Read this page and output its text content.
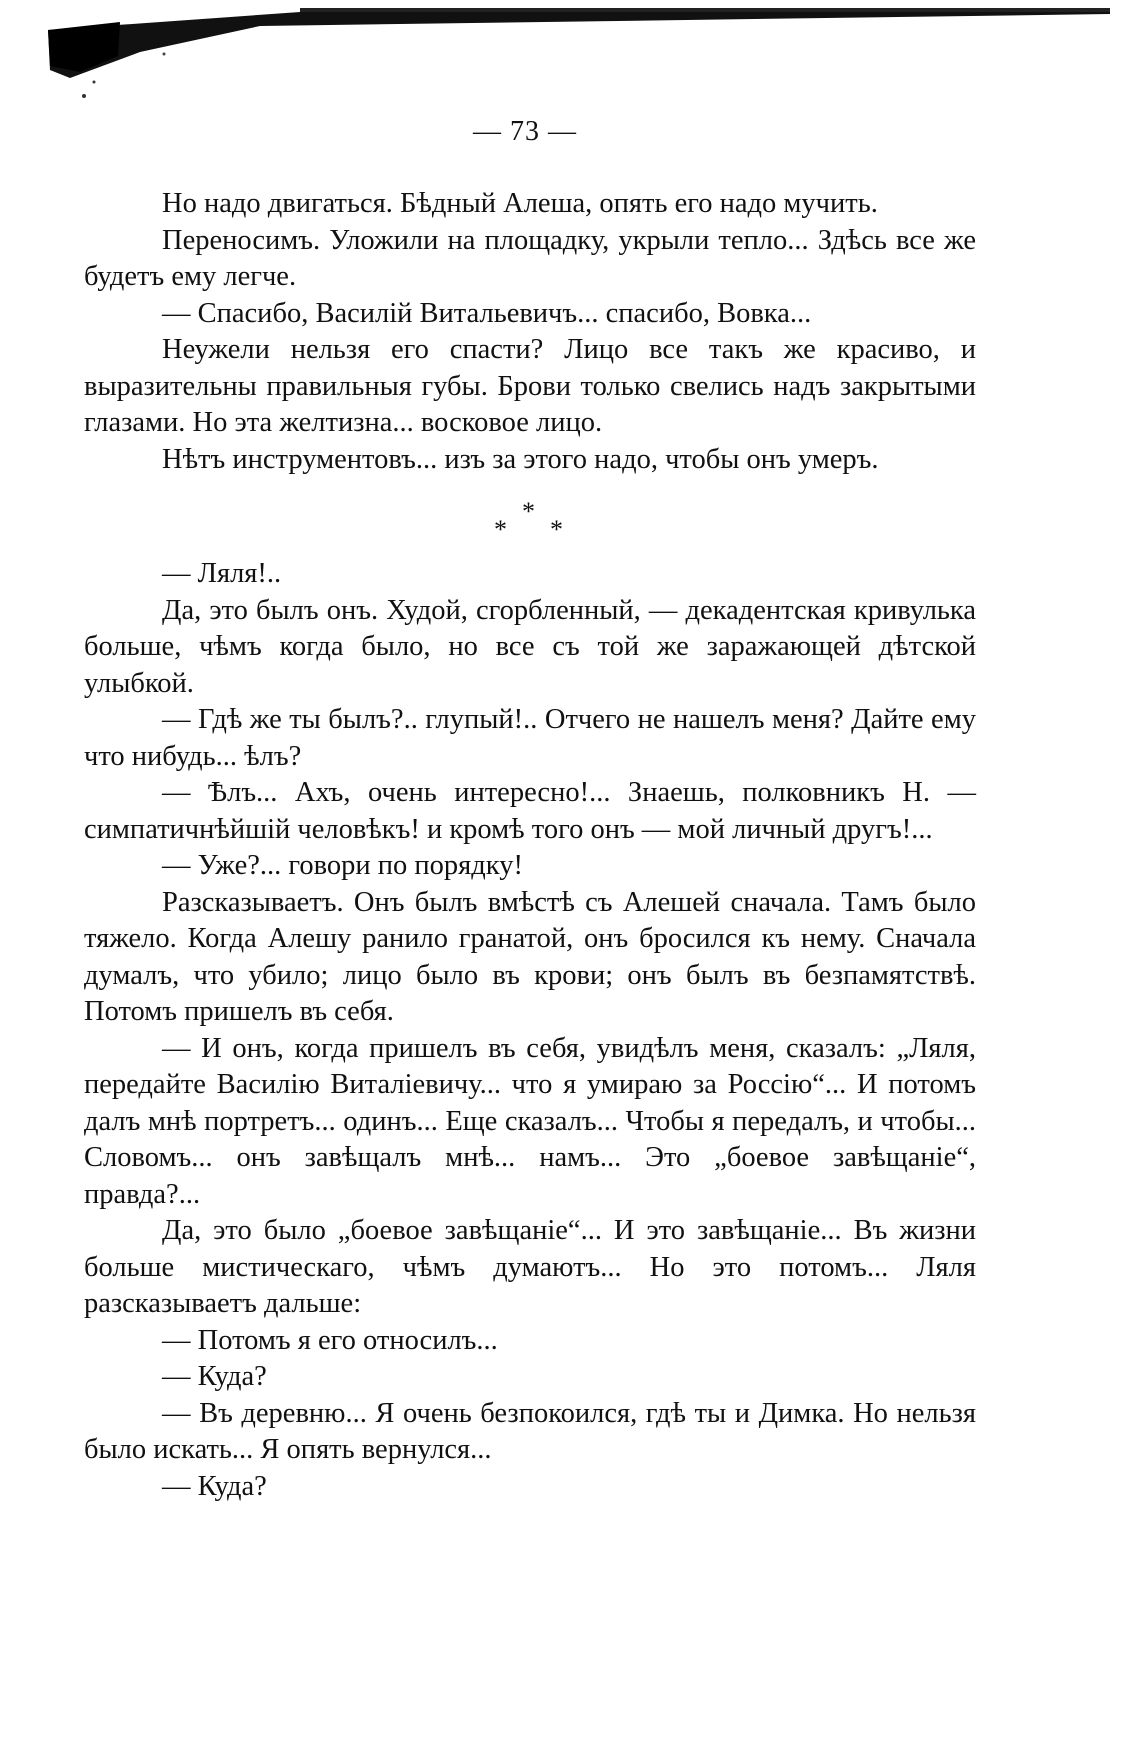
— 73 —

Но надо двигаться. Бѣдный Алеша, опять его надо мучить.

Переносимъ. Уложили на площадку, укрыли тепло... Здѣсь все же будетъ ему легче.

— Спасибо, Василій Витальевичъ... спасибо, Вовка...

Неужели нельзя его спасти? Лицо все такъ же красиво, и выразительны правильныя губы. Брови только свелись надъ закрытыми глазами. Но эта желтизна... восковое лицо.

Нѣтъ инструментовъ... изъ за этого надо, чтобы онъ умеръ.

*
*
*

— Ляля!..

Да, это былъ онъ. Худой, сгорбленный, — декадентская кривулька больше, чѣмъ когда было, но все съ той же заражающей дѣтской улыбкой.

— Гдѣ же ты былъ?.. глупый!.. Отчего не нашелъ меня? Дайте ему что нибудь... ѣлъ?

— Ѣлъ... Ахъ, очень интересно!... Знаешь, полковникъ Н. — симпатичнѣйшій человѣкъ! и кромѣ того онъ — мой личный другъ!...

— Уже?... говори по порядку!

Разсказываетъ. Онъ былъ вмѣстѣ съ Алешей сначала. Тамъ было тяжело. Когда Алешу ранило гранатой, онъ бросился къ нему. Сначала думалъ, что убило; лицо было въ крови; онъ былъ въ безпамятствѣ. Потомъ пришелъ въ себя.

— И онъ, когда пришелъ въ себя, увидѣлъ меня, сказалъ: „Ляля, передайте Василію Виталіевичу... что я умираю за Россію“... И потомъ далъ мнѣ портретъ... одинъ... Еще сказалъ... Чтобы я передалъ, и чтобы... Словомъ... онъ завѣщалъ мнѣ... намъ... Это „боевое завѣщаніе“, правда?...

Да, это было „боевое завѣщаніе“... И это завѣщаніе... Въ жизни больше мистическаго, чѣмъ думаютъ... Но это потомъ... Ляля разсказываетъ дальше:

— Потомъ я его относилъ...

— Куда?

— Въ деревню... Я очень безпокоился, гдѣ ты и Димка. Но нельзя было искать... Я опять вернулся...

— Куда?
